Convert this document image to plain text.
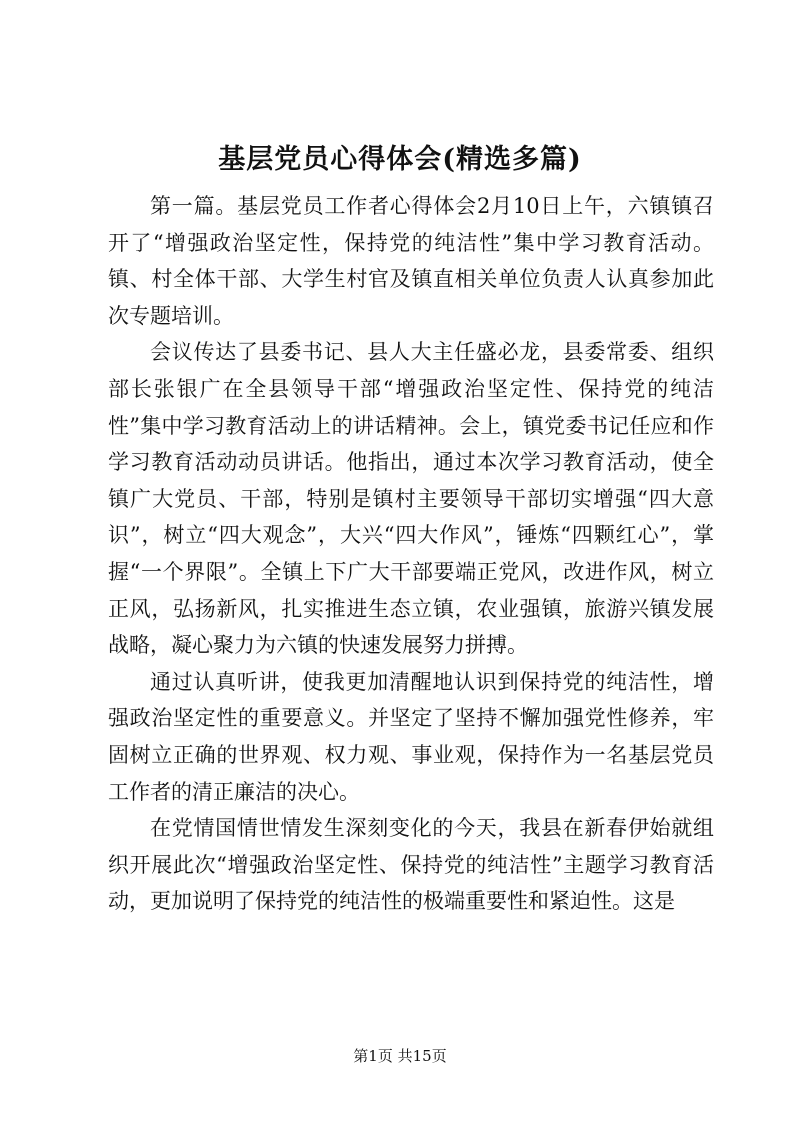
基层党员心得体会(精选多篇)

第一篇。基层党员工作者心得体会2月10日上午，六镇镇召开了“增强政治坚定性，保持党的纯洁性”集中学习教育活动。镇、村全体干部、大学生村官及镇直相关单位负责人认真参加此次专题培训。

会议传达了县委书记、县人大主任盛必龙，县委常委、组织部长张银广在全县领导干部“增强政治坚定性、保持党的纯洁性”集中学习教育活动上的讲话精神。会上，镇党委书记任应和作学习教育活动动员讲话。他指出，通过本次学习教育活动，使全镇广大党员、干部，特别是镇村主要领导干部切实增强“四大意识”，树立“四大观念”，大兴“四大作风”，锤炼“四颗红心”，掌握“一个界限”。全镇上下广大干部要端正党风，改进作风，树立正风，弘扬新风，扎实推进生态立镇，农业强镇，旅游兴镇发展战略，凝心聚力为六镇的快速发展努力拼搏。

通过认真听讲，使我更加清醒地认识到保持党的纯洁性，增强政治坚定性的重要意义。并坚定了坚持不懈加强党性修养，牢固树立正确的世界观、权力观、事业观，保持作为一名基层党员工作者的清正廉洁的决心。

在党情国情世情发生深刻变化的今天，我县在新春伊始就组织开展此次“增强政治坚定性、保持党的纯洁性”主题学习教育活动，更加说明了保持党的纯洁性的极端重要性和紧迫性。这是

第1页 共15页
